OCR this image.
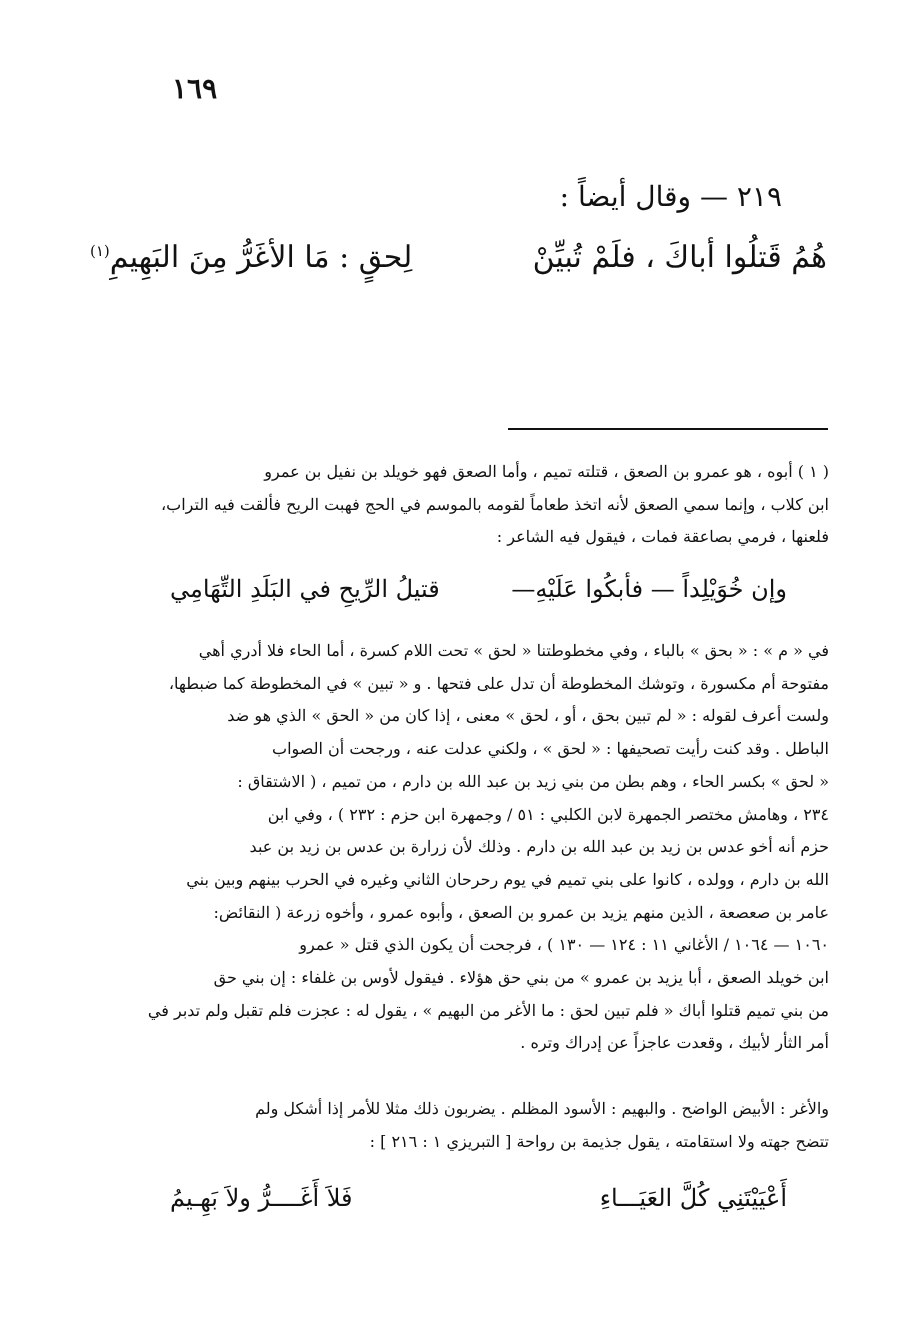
١٦٩
٢١٩ — وقال أيضاً :
هُمُ قَتلُوا أباكَ ، فلَمْ تُبيِّنْ
لِحقٍ : مَا الأغَرُّ مِنَ البَهِيمِ$^{(١)}$
( ١ ) أبوه ، هو عمرو بن الصعق ، قتلته تميم ، وأما الصعق فهو خويلد بن نفيل بن عمرو
ابن كلاب ، وإنما سمي الصعق لأنه اتخذ طعاماً لقومه بالموسم في الحج فهبت الريح فألقت فيه التراب،
فلعنها ، فرمي بصاعقة فمات ، فيقول فيه الشاعر :
وإن خُوَيْلِداً — فأبكُوا عَلَيْهِ—
قتيلُ الرِّيحِ في البَلَدِ التِّهَامِي
في « م » : « بحق » بالباء ، وفي مخطوطتنا « لحق » تحت اللام كسرة ، أما الحاء فلا أدري أهي
مفتوحة أم مكسورة ، وتوشك المخطوطة أن تدل على فتحها . و « تبين » في المخطوطة كما ضبطها،
ولست أعرف لقوله : « لم تبين بحق ، أو ، لحق » معنى ، إذا كان من « الحق » الذي هو ضد
الباطل . وقد كنت رأيت تصحيفها : « لحق » ، ولكني عدلت عنه ، ورجحت أن الصواب
« لحق » بكسر الحاء ، وهم بطن من بني زيد بن عبد الله بن دارم ، من تميم ، ( الاشتقاق :
٢٣٤ ، وهامش مختصر الجمهرة لابن الكلبي : ٥١ / وجمهرة ابن حزم : ٢٣٢ ) ، وفي ابن
حزم أنه أخو عدس بن زيد بن عبد الله بن دارم . وذلك لأن زرارة بن عدس بن زيد بن عبد
الله بن دارم ، وولده ، كانوا على بني تميم في يوم رحرحان الثاني وغيره في الحرب بينهم وبين بني
عامر بن صعصعة ، الذين منهم يزيد بن عمرو بن الصعق ، وأبوه عمرو ، وأخوه زرعة ( النقائض:
١٠٦٠ — ١٠٦٤ / الأغاني ١١ : ١٢٤ — ١٣٠ ) ، فرجحت أن يكون الذي قتل « عمرو
ابن خويلد الصعق ، أبا يزيد بن عمرو » من بني حق هؤلاء . فيقول لأوس بن غلفاء : إن بني حق
من بني تميم قتلوا أباك « فلم تبين لحق : ما الأغر من البهيم » ، يقول له : عجزت فلم تقبل ولم تدبر في
أمر الثأر لأبيك ، وقعدت عاجزاً عن إدراك وتره .
والأغر : الأبيض الواضح . والبهيم : الأسود المظلم . يضربون ذلك مثلا للأمر إذا أشكل ولم
تتضح جهته ولا استقامته ، يقول جذيمة بن رواحة [ التبريزي ١ : ٢١٦ ] :
أَعْيَيْتَنِي كُلَّ العَيَـــاءِ
فَلاَ أَغَــــرُّ ولاَ بَهِـيمُ
